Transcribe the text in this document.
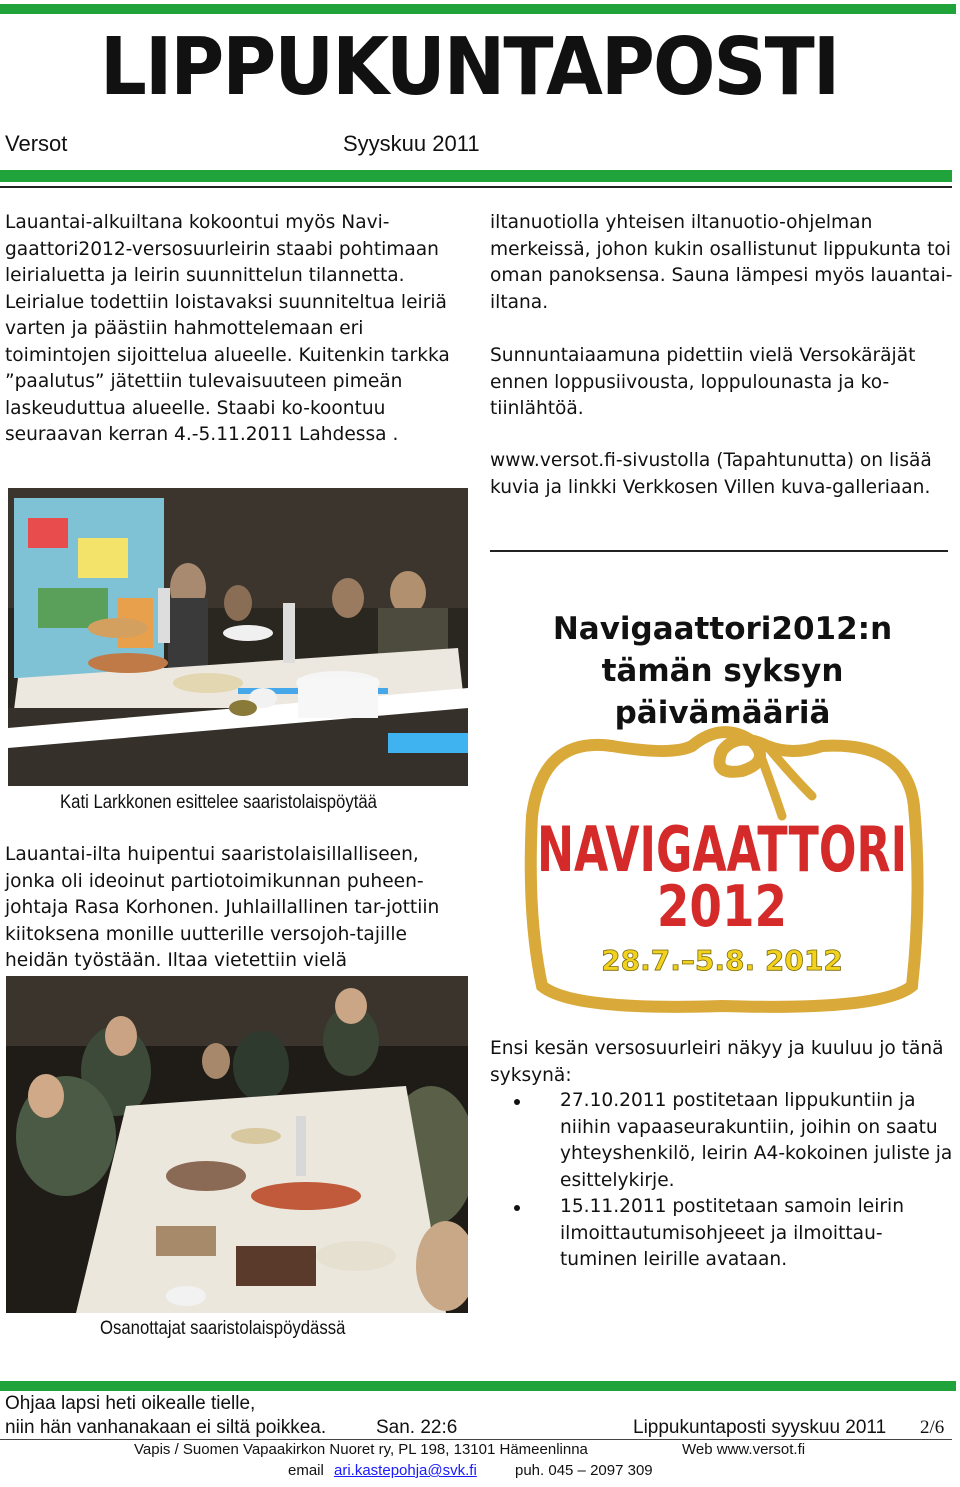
LIPPUKUNTAPOSTI
Versot	Syyskuu 2011
Lauantai-alkuiltana kokoontui myös Navi-gaattori2012-versosuurleirin staabi pohtimaan leirialuetta ja leirin suunnittelun tilannetta. Leirialue todettiin loistavaksi suunniteltua leiriä varten ja päästiin hahmottelemaan eri toimintojen sijoittelua alueelle. Kuitenkin tarkka ”paalutus” jätettiin tulevaisuuteen pimeän laskeuduttua alueelle. Staabi ko-koontuu seuraavan kerran 4.-5.11.2011 Lahdessa .
Kati Larkkonen esittelee saaristolaispöytää
Lauantai-ilta huipentui saaristolaisillalliseen, jonka oli ideoinut partiotoimikunnan puheen-johtaja Rasa Korhonen. Juhlaillallinen tar-jottiin kiitoksena monille uutterille versojoh-tajille heidän työstään. Iltaa vietettiin vielä
Osanottajat saaristolaispöydässä
iltanuotiolla yhteisen iltanuotio-ohjelman merkeissä, johon kukin osallistunut lippukunta toi oman panoksensa. Sauna lämpesi myös lauantai-iltana.
Sunnuntaiaamuna pidettiin vielä Versokäräjät ennen loppusiivousta, loppulounasta ja ko-tiinlähtöä.
www.versot.fi-sivustolla (Tapahtunutta) on lisää kuvia ja linkki Verkkosen Villen kuva-galleriaan.
Navigaattori2012:n tämän syksyn päivämääriä
NAVIGAATTORI
2012
28.7.–5.8. 2012
Ensi kesän versosuurleiri näkyy ja kuuluu jo tänä syksynä:
27.10.2011 postitetaan lippukuntiin ja niihin vapaaseurakuntiin, joihin on saatu yhteyshenkilö, leirin A4-kokoinen juliste ja esittelykirje.
15.11.2011 postitetaan samoin leirin ilmoittautumisohjeeet ja ilmoittau-tuminen leirille avataan.
Ohjaa lapsi heti oikealle tielle,
niin hän vanhanakaan ei siltä poikkea.	San. 22:6	Lippukuntaposti syyskuu 2011 2/6
Vapis / Suomen Vapaakirkon Nuoret ry, PL 198, 13101 Hämeenlinna	Web www.versot.fi
email ari.kastepohja@svk.fi	puh. 045 – 2097 309
